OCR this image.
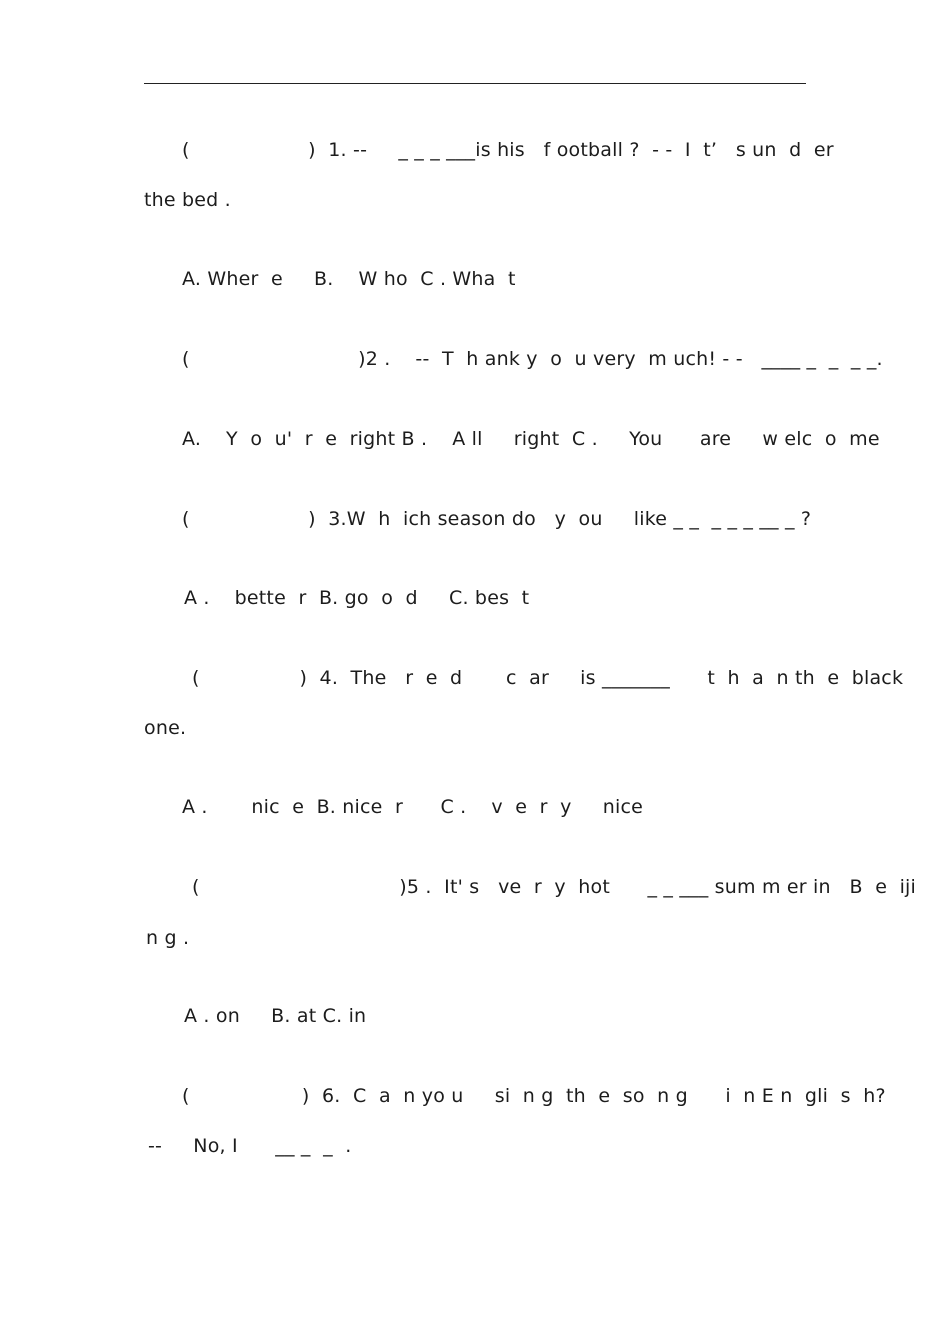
(                   )  1. --     _ _ _ ___is his   f ootball ?  - -  I  t’   s un  d  er
the bed .
A. Wher  e     B.    W ho  C . Wha  t
(                           )2 .    --  T  h ank y  o  u very  m uch! - -   ____ _  _  _ _.
A.    Y  o  u'  r  e  right B .    A ll     right  C .     You      are     w elc  o  me
(                   )  3.W  h  ich season do   y  ou     like _ _  _ _ _ __ _ ?
A .    bette  r  B. go  o  d     C. bes  t
(                )  4.  The   r  e  d       c  ar     is _______      t  h  a  n th  e  black
one.
A .       nic  e  B. nice  r      C .    v  e  r  y     nice
(                                )5 .  It' s   ve  r  y  hot      _ _ ___ sum m er in   B  e  iji
n g .
A . on     B. at C. in
(                  )  6.  C  a  n yo u     si  n g  th  e  so  n g      i  n E n  gli  s  h?
--     No, I      __ _  _  .
